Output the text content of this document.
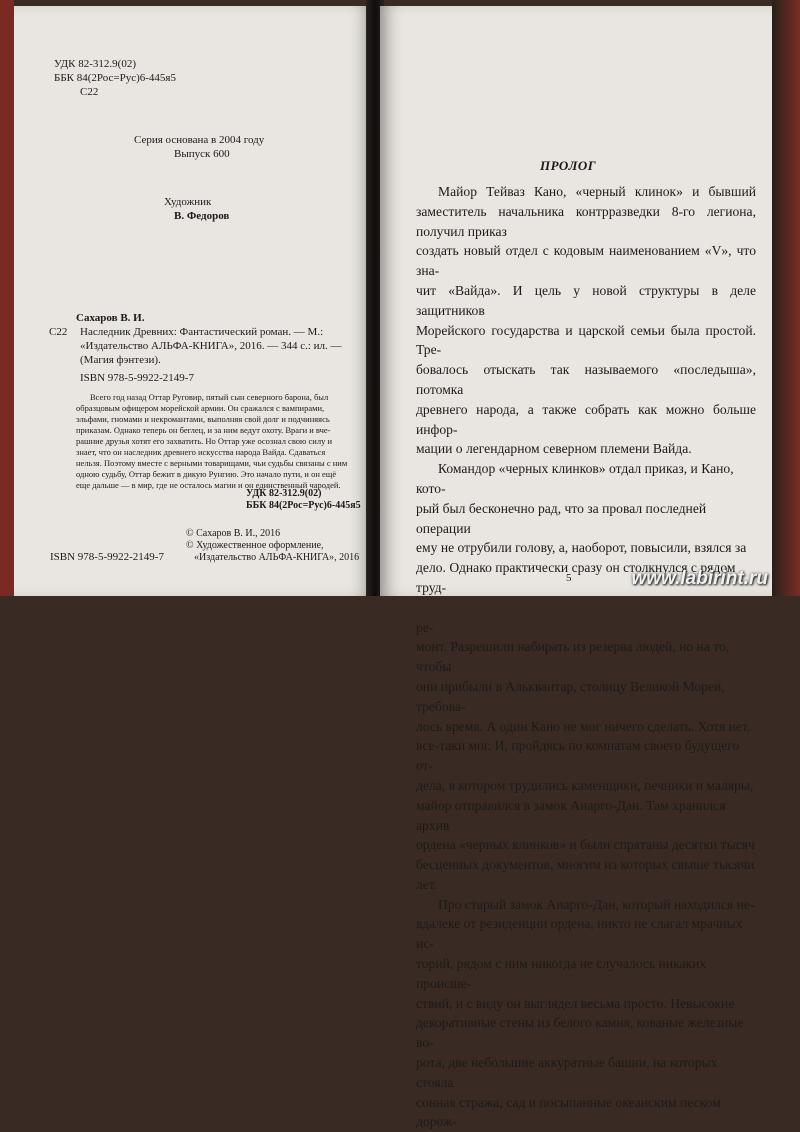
УДК 82-312.9(02)
ББК 84(2Рос=Рус)6-445я5
С22
Серия основана в 2004 году
Выпуск 600
Художник
В. Федоров
Сахаров В. И.
С22 Наследник Древних: Фантастический роман. — М.:
«Издательство АЛЬФА-КНИГА», 2016. — 344 с.: ил. —
(Магия фэнтези).
ISBN 978-5-9922-2149-7
Всего год назад Оттар Руговир, пятый сын северного барона, был
образцовым офицером морейской армии. Он сражался с вампирами,
эльфами, гномами и некромантами, выполняя свой долг и подчиняясь
приказам. Однако теперь он беглец, и за ним ведут охоту. Враги и вче-
рашние друзья хотят его захватить. Но Оттар уже осознал свою силу и
знает, что он наследник древнего искусства народа Вайда. Сдаваться
нельзя. Поэтому вместе с верными товарищами, чьи судьбы связаны с ним
одною судьбу, Оттар бежит в дикую Рунгию. Это начало пути, и он ещё
еще дальше — в мир, где не осталось магии и он единственный чародей.
УДК 82-312.9(02)
ББК 84(2Рос=Рус)6-445я5
© Сахаров В. И., 2016
© Художественное оформление,
«Издательство АЛЬФА-КНИГА», 2016
ISBN 978-5-9922-2149-7
ПРОЛОГ
Майор Тейваз Кано, «черный клинок» и бывший заместитель начальника контрразведки 8-го легиона, получил приказ
создать новый отдел с кодовым наименованием «V», что зна-
чит «Вайда». И цель у новой структуры в деле защитников
Морейского государства и царской семьи была простой. Тре-
бовалось отыскать так называемого «последыша», потомка
древнего народа, а также собрать как можно больше инфор-
мации о легендарном северном племени Вайда.
Командор «черных клинков» отдал приказ, и Кано, кото-
рый был бесконечно рад, что за провал последней операции
ему не отрубили голову, а, наоборот, повысили, взялся за
дело. Однако практически сразу он столкнулся с рядом труд-
ре-
монт. Разрешили набирать из резерва людей, но на то, чтобы
они прибыли в Альквантар, столицу Великой Мореи, требова-
лось время. А один Кано не мог ничего сделать. Хотя нет,
все-таки мог. И, пройдясь по комнатам своего будущего от-
дела, в котором трудились каменщики, печники и маляры,
майор отправился в замок Анарго-Дан. Там хранился архив
ордена «черных клинков» и были спрятаны десятки тысяч
бесценных документов, многим из которых свыше тысячи
лет.
Про старый замок Анарго-Дан, который находился не-
вдалеке от резиденции ордена, никто не слагал мрачных ис-
торий, рядом с ним никогда не случалось никаких происше-
ствий, и с виду он выглядел весьма просто. Невысокие
декоративные стены из белого камня, кованые железные во-
рота, две небольшие аккуратные башни, на которых стояла
сонная стража, сад и посыпанные океанским песком дорож-
5	www.labirint.ru
